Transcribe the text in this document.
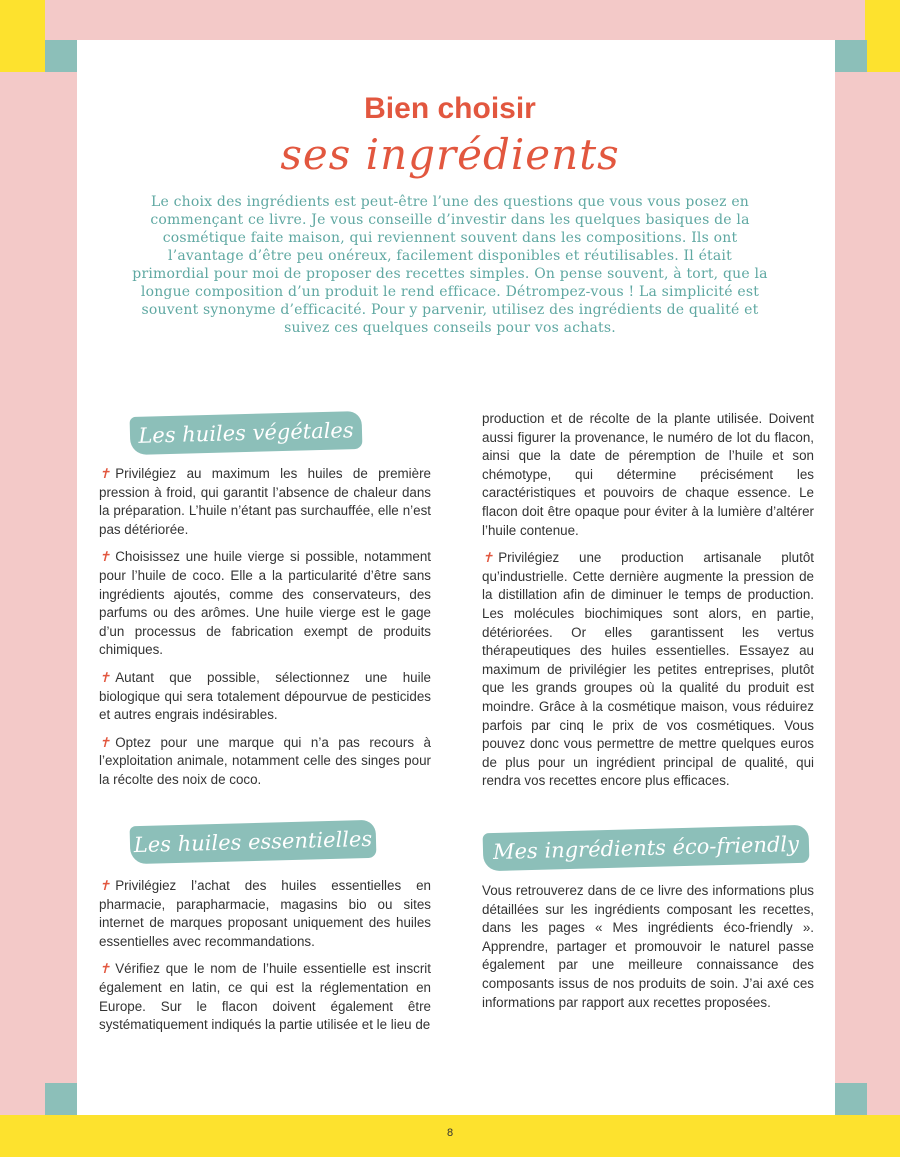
Bien choisir
ses ingrédients

Le choix des ingrédients est peut-être l’une des questions que vous vous posez en commençant ce livre. Je vous conseille d’investir dans les quelques basiques de la cosmétique faite maison, qui reviennent souvent dans les compositions. Ils ont l’avantage d’être peu onéreux, facilement disponibles et réutilisables. Il était primordial pour moi de proposer des recettes simples. On pense souvent, à tort, que la longue composition d’un produit le rend efficace. Détrompez-vous ! La simplicité est souvent synonyme d’efficacité. Pour y parvenir, utilisez des ingrédients de qualité et suivez ces quelques conseils pour vos achats.

Les huiles végétales

✝ Privilégiez au maximum les huiles de première pression à froid, qui garantit l’absence de chaleur dans la préparation. L’huile n’étant pas surchauffée, elle n’est pas détériorée.

✝ Choisissez une huile vierge si possible, notamment pour l’huile de coco. Elle a la particularité d’être sans ingrédients ajoutés, comme des conservateurs, des parfums ou des arômes. Une huile vierge est le gage d’un processus de fabrication exempt de produits chimiques.

✝ Autant que possible, sélectionnez une huile biologique qui sera totalement dépourvue de pesticides et autres engrais indésirables.

✝ Optez pour une marque qui n’a pas recours à l’exploitation animale, notamment celle des singes pour la récolte des noix de coco.

Les huiles essentielles

✝ Privilégiez l’achat des huiles essentielles en pharmacie, parapharmacie, magasins bio ou sites internet de marques proposant uniquement des huiles essentielles avec recommandations.

✝ Vérifiez que le nom de l’huile essentielle est inscrit également en latin, ce qui est la réglementation en Europe. Sur le flacon doivent également être systématiquement indiqués la partie utilisée et le lieu de

production et de récolte de la plante utilisée. Doivent aussi figurer la provenance, le numéro de lot du flacon, ainsi que la date de péremption de l’huile et son chémotype, qui détermine précisément les caractéristiques et pouvoirs de chaque essence. Le flacon doit être opaque pour éviter à la lumière d’altérer l’huile contenue.

✝ Privilégiez une production artisanale plutôt qu’industrielle. Cette dernière augmente la pression de la distillation afin de diminuer le temps de production. Les molécules biochimiques sont alors, en partie, détériorées. Or elles garantissent les vertus thérapeutiques des huiles essentielles. Essayez au maximum de privilégier les petites entreprises, plutôt que les grands groupes où la qualité du produit est moindre. Grâce à la cosmétique maison, vous réduirez parfois par cinq le prix de vos cosmétiques. Vous pouvez donc vous permettre de mettre quelques euros de plus pour un ingrédient principal de qualité, qui rendra vos recettes encore plus efficaces.

Mes ingrédients éco-friendly

Vous retrouverez dans de ce livre des informations plus détaillées sur les ingrédients composant les recettes, dans les pages « Mes ingrédients éco-friendly ». Apprendre, partager et promouvoir le naturel passe également par une meilleure connaissance des composants issus de nos produits de soin. J’ai axé ces informations par rapport aux recettes proposées.

8
